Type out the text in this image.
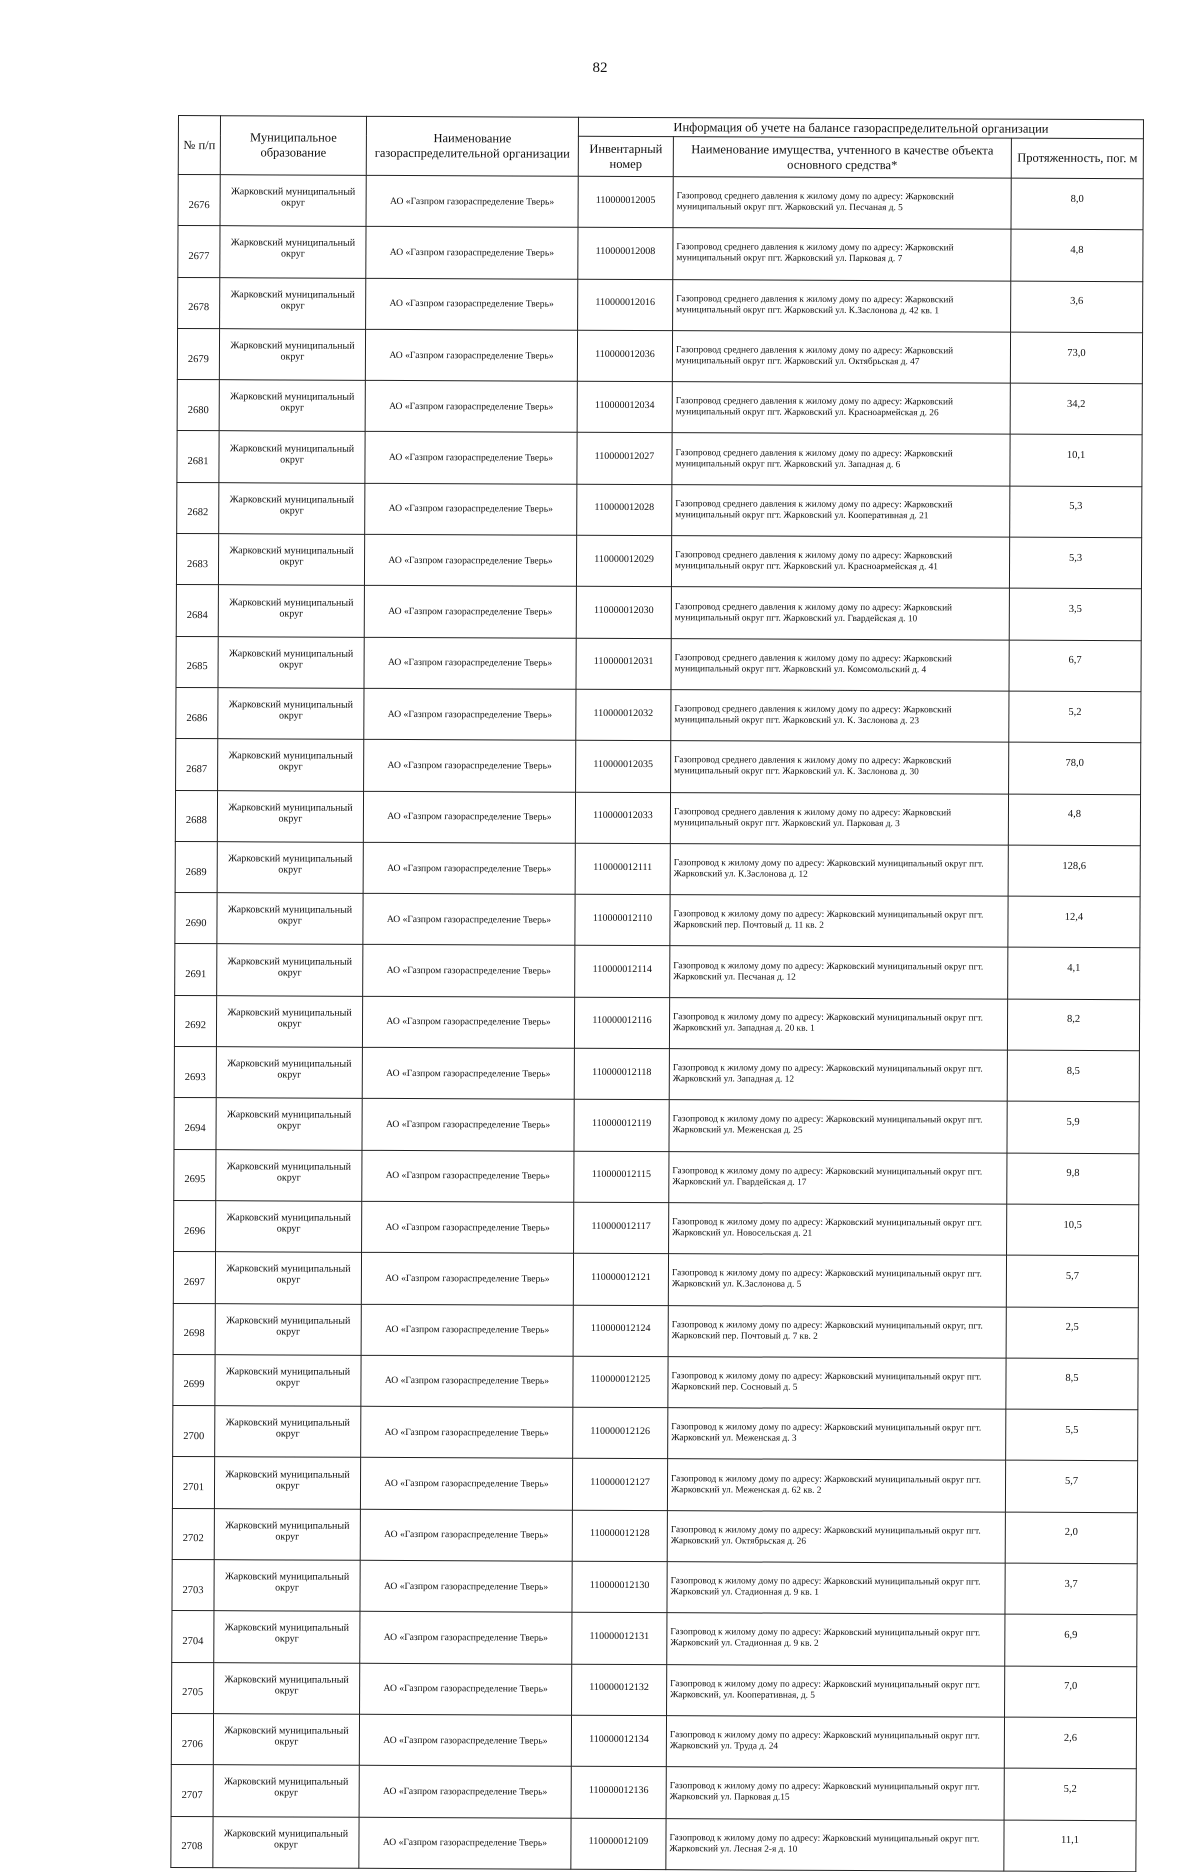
82
№ п/п	Муниципальное образование	Наименование газораспределительной организации	Информация об учете на балансе газораспределительной организации		
			Инвентарный номер	Наименование имущества, учтенного в качестве объекта основного средства*	Протяженность, пог. м
2676	Жарковский муниципальный округ	АО «Газпром газораспределение Тверь»	110000012005	Газопровод среднего давления к жилому дому по адресу: Жарковский муниципальный округ пгт. Жарковский ул. Песчаная д. 5	8,0
2677	Жарковский муниципальный округ	АО «Газпром газораспределение Тверь»	110000012008	Газопровод среднего давления к жилому дому по адресу: Жарковский муниципальный округ пгт. Жарковский ул. Парковая д. 7	4,8
2678	Жарковский муниципальный округ	АО «Газпром газораспределение Тверь»	110000012016	Газопровод среднего давления к жилому дому по адресу: Жарковский муниципальный округ пгт. Жарковский ул. К.Заслонова д. 42 кв. 1	3,6
2679	Жарковский муниципальный округ	АО «Газпром газораспределение Тверь»	110000012036	Газопровод среднего давления к жилому дому по адресу: Жарковский муниципальный округ пгт. Жарковский ул. Октябрьская д. 47	73,0
2680	Жарковский муниципальный округ	АО «Газпром газораспределение Тверь»	110000012034	Газопровод среднего давления к жилому дому по адресу: Жарковский муниципальный округ пгт. Жарковский ул. Красноармейская д. 26	34,2
2681	Жарковский муниципальный округ	АО «Газпром газораспределение Тверь»	110000012027	Газопровод среднего давления к жилому дому по адресу: Жарковский муниципальный округ пгт. Жарковский ул. Западная д. 6	10,1
2682	Жарковский муниципальный округ	АО «Газпром газораспределение Тверь»	110000012028	Газопровод среднего давления к жилому дому по адресу: Жарковский муниципальный округ пгт. Жарковский ул. Кооперативная д. 21	5,3
2683	Жарковский муниципальный округ	АО «Газпром газораспределение Тверь»	110000012029	Газопровод среднего давления к жилому дому по адресу: Жарковский муниципальный округ пгт. Жарковский ул. Красноармейская д. 41	5,3
2684	Жарковский муниципальный округ	АО «Газпром газораспределение Тверь»	110000012030	Газопровод среднего давления к жилому дому по адресу: Жарковский муниципальный округ пгт. Жарковский ул. Гвардейская д. 10	3,5
2685	Жарковский муниципальный округ	АО «Газпром газораспределение Тверь»	110000012031	Газопровод среднего давления к жилому дому по адресу: Жарковский муниципальный округ пгт. Жарковский ул. Комсомольский д. 4	6,7
2686	Жарковский муниципальный округ	АО «Газпром газораспределение Тверь»	110000012032	Газопровод среднего давления к жилому дому по адресу: Жарковский муниципальный округ пгт. Жарковский ул. К. Заслонова д. 23	5,2
2687	Жарковский муниципальный округ	АО «Газпром газораспределение Тверь»	110000012035	Газопровод среднего давления к жилому дому по адресу: Жарковский муниципальный округ пгт. Жарковский ул. К. Заслонова д. 30	78,0
2688	Жарковский муниципальный округ	АО «Газпром газораспределение Тверь»	110000012033	Газопровод среднего давления к жилому дому по адресу: Жарковский муниципальный округ пгт. Жарковский ул. Парковая д. 3	4,8
2689	Жарковский муниципальный округ	АО «Газпром газораспределение Тверь»	110000012111	Газопровод к жилому дому по адресу: Жарковский муниципальный округ пгт. Жарковский ул. К.Заслонова д. 12	128,6
2690	Жарковский муниципальный округ	АО «Газпром газораспределение Тверь»	110000012110	Газопровод к жилому дому по адресу: Жарковский муниципальный округ пгт. Жарковский пер. Почтовый д. 11 кв. 2	12,4
2691	Жарковский муниципальный округ	АО «Газпром газораспределение Тверь»	110000012114	Газопровод к жилому дому по адресу: Жарковский муниципальный округ пгт. Жарковский ул. Песчаная д. 12	4,1
2692	Жарковский муниципальный округ	АО «Газпром газораспределение Тверь»	110000012116	Газопровод к жилому дому по адресу: Жарковский муниципальный округ пгт. Жарковский ул. Западная д. 20 кв. 1	8,2
2693	Жарковский муниципальный округ	АО «Газпром газораспределение Тверь»	110000012118	Газопровод к жилому дому по адресу: Жарковский муниципальный округ пгт. Жарковский ул. Западная д. 12	8,5
2694	Жарковский муниципальный округ	АО «Газпром газораспределение Тверь»	110000012119	Газопровод к жилому дому по адресу: Жарковский муниципальный округ пгт. Жарковский ул. Меженская д. 25	5,9
2695	Жарковский муниципальный округ	АО «Газпром газораспределение Тверь»	110000012115	Газопровод к жилому дому по адресу: Жарковский муниципальный округ пгт. Жарковский ул. Гвардейская д. 17	9,8
2696	Жарковский муниципальный округ	АО «Газпром газораспределение Тверь»	110000012117	Газопровод к жилому дому по адресу: Жарковский муниципальный округ пгт. Жарковский ул. Новосельская д. 21	10,5
2697	Жарковский муниципальный округ	АО «Газпром газораспределение Тверь»	110000012121	Газопровод к жилому дому по адресу: Жарковский муниципальный округ пгт. Жарковский ул. К.Заслонова д. 5	5,7
2698	Жарковский муниципальный округ	АО «Газпром газораспределение Тверь»	110000012124	Газопровод к жилому дому по адресу: Жарковский муниципальный округ, пгт. Жарковский пер. Почтовый д. 7 кв. 2	2,5
2699	Жарковский муниципальный округ	АО «Газпром газораспределение Тверь»	110000012125	Газопровод к жилому дому по адресу: Жарковский муниципальный округ пгт. Жарковский пер. Сосновый д. 5	8,5
2700	Жарковский муниципальный округ	АО «Газпром газораспределение Тверь»	110000012126	Газопровод к жилому дому по адресу: Жарковский муниципальный округ пгт. Жарковский ул. Меженская д. 3	5,5
2701	Жарковский муниципальный округ	АО «Газпром газораспределение Тверь»	110000012127	Газопровод к жилому дому по адресу: Жарковский муниципальный округ пгт. Жарковский ул. Меженская д. 62 кв. 2	5,7
2702	Жарковский муниципальный округ	АО «Газпром газораспределение Тверь»	110000012128	Газопровод к жилому дому по адресу: Жарковский муниципальный округ пгт. Жарковский ул. Октябрьская д. 26	2,0
2703	Жарковский муниципальный округ	АО «Газпром газораспределение Тверь»	110000012130	Газопровод к жилому дому по адресу: Жарковский муниципальный округ пгт. Жарковский ул. Стадионная д. 9 кв. 1	3,7
2704	Жарковский муниципальный округ	АО «Газпром газораспределение Тверь»	110000012131	Газопровод к жилому дому по адресу: Жарковский муниципальный округ пгт. Жарковский ул. Стадионная д. 9 кв. 2	6,9
2705	Жарковский муниципальный округ	АО «Газпром газораспределение Тверь»	110000012132	Газопровод к жилому дому по адресу: Жарковский муниципальный округ пгт. Жарковский, ул. Кооперативная, д. 5	7,0
2706	Жарковский муниципальный округ	АО «Газпром газораспределение Тверь»	110000012134	Газопровод к жилому дому по адресу: Жарковский муниципальный округ пгт. Жарковский ул. Труда д. 24	2,6
2707	Жарковский муниципальный округ	АО «Газпром газораспределение Тверь»	110000012136	Газопровод к жилому дому по адресу: Жарковский муниципальный округ пгт. Жарковский ул. Парковая д.15	5,2
2708	Жарковский муниципальный округ	АО «Газпром газораспределение Тверь»	110000012109	Газопровод к жилому дому по адресу: Жарковский муниципальный округ пгт. Жарковский ул. Лесная 2-я д. 10	11,1
